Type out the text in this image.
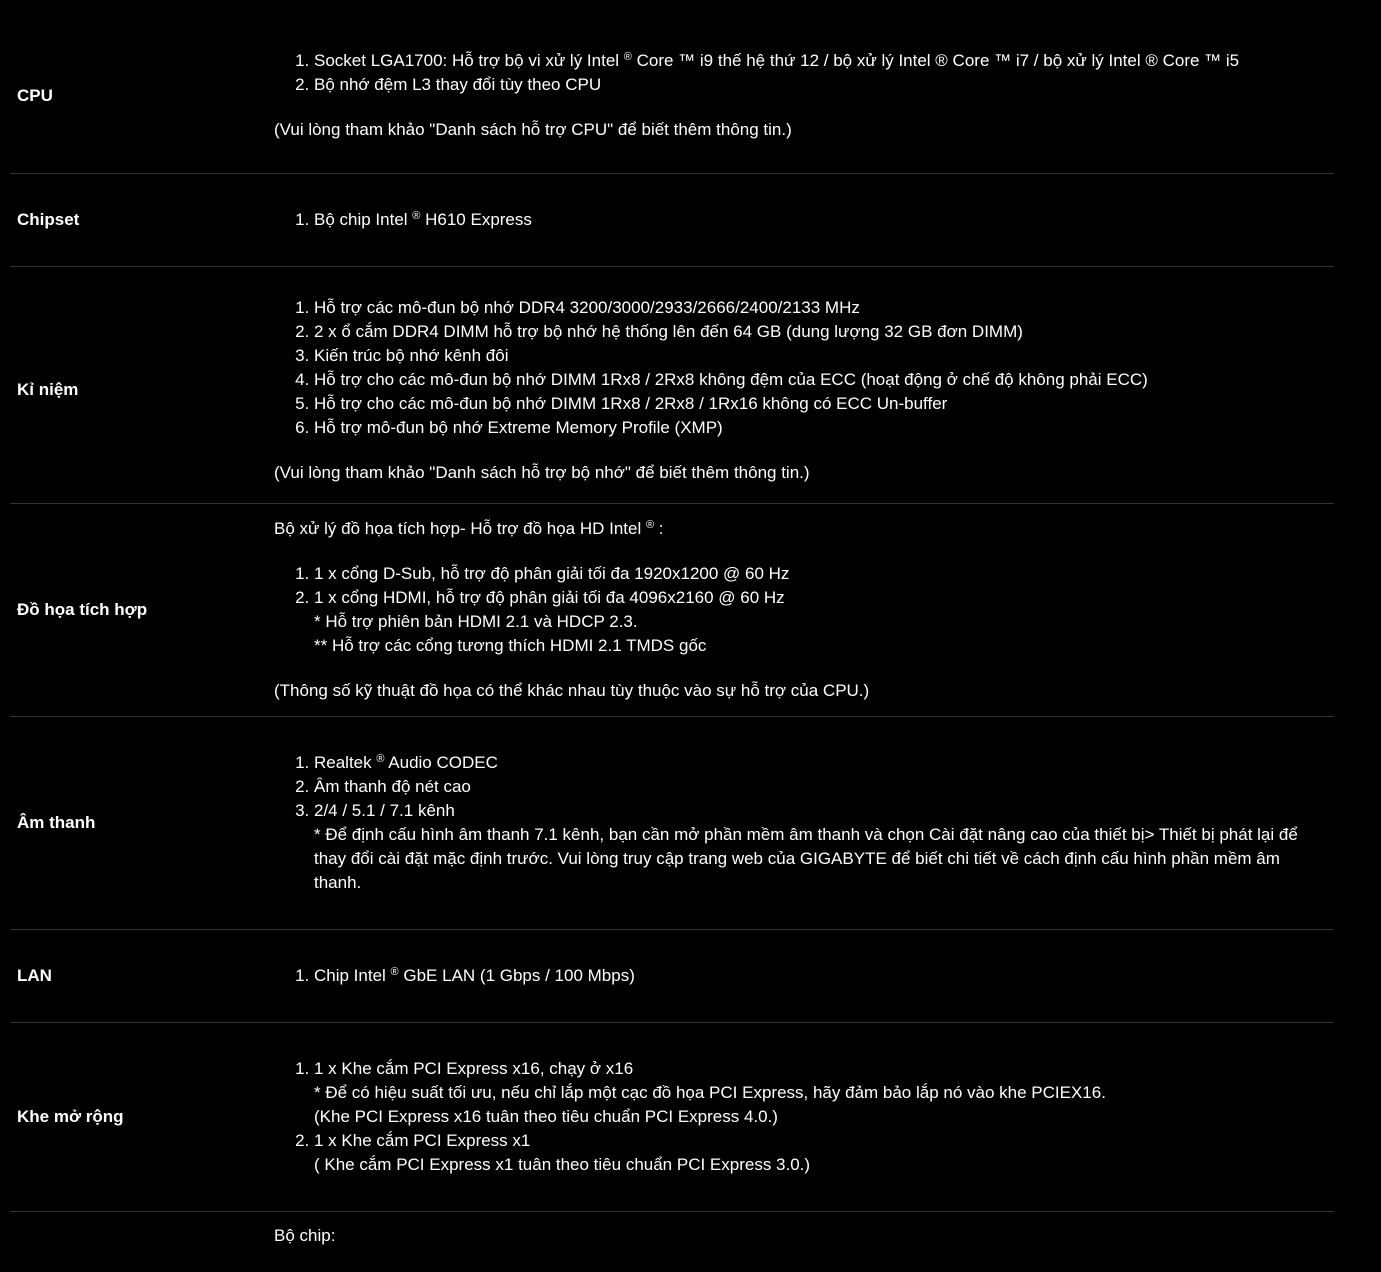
CPU
1. Socket LGA1700: Hỗ trợ bộ vi xử lý Intel ® Core ™ i9 thế hệ thứ 12 / bộ xử lý Intel ® Core ™ i7 / bộ xử lý Intel ® Core ™ i5
2. Bộ nhớ đệm L3 thay đổi tùy theo CPU
(Vui lòng tham khảo "Danh sách hỗ trợ CPU" để biết thêm thông tin.)
Chipset	1. Bộ chip Intel ® H610 Express
Kỉ niệm
1. Hỗ trợ các mô-đun bộ nhớ DDR4 3200/3000/2933/2666/2400/2133 MHz
2. 2 x ổ cắm DDR4 DIMM hỗ trợ bộ nhớ hệ thống lên đến 64 GB (dung lượng 32 GB đơn DIMM)
3. Kiến trúc bộ nhớ kênh đôi
4. Hỗ trợ cho các mô-đun bộ nhớ DIMM 1Rx8 / 2Rx8 không đệm của ECC (hoạt động ở chế độ không phải ECC)
5. Hỗ trợ cho các mô-đun bộ nhớ DIMM 1Rx8 / 2Rx8 / 1Rx16 không có ECC Un-buffer
6. Hỗ trợ mô-đun bộ nhớ Extreme Memory Profile (XMP)
(Vui lòng tham khảo "Danh sách hỗ trợ bộ nhớ" để biết thêm thông tin.)
Đồ họa tích hợp
Bộ xử lý đồ họa tích hợp- Hỗ trợ đồ họa HD Intel ® :
1. 1 x cổng D-Sub, hỗ trợ độ phân giải tối đa 1920x1200 @ 60 Hz
2. 1 x cổng HDMI, hỗ trợ độ phân giải tối đa 4096x2160 @ 60 Hz
* Hỗ trợ phiên bản HDMI 2.1 và HDCP 2.3.
** Hỗ trợ các cổng tương thích HDMI 2.1 TMDS gốc
(Thông số kỹ thuật đồ họa có thể khác nhau tùy thuộc vào sự hỗ trợ của CPU.)
Âm thanh
1. Realtek ® Audio CODEC
2. Âm thanh độ nét cao
3. 2/4 / 5.1 / 7.1 kênh
* Để định cấu hình âm thanh 7.1 kênh, bạn cần mở phần mềm âm thanh và chọn Cài đặt nâng cao của thiết bị> Thiết bị phát lại để thay đổi cài đặt mặc định trước. Vui lòng truy cập trang web của GIGABYTE để biết chi tiết về cách định cấu hình phần mềm âm thanh.
LAN	1. Chip Intel ® GbE LAN (1 Gbps / 100 Mbps)
Khe mở rộng
1. 1 x Khe cắm PCI Express x16, chạy ở x16
* Để có hiệu suất tối ưu, nếu chỉ lắp một cạc đồ họa PCI Express, hãy đảm bảo lắp nó vào khe PCIEX16.
(Khe PCI Express x16 tuân theo tiêu chuẩn PCI Express 4.0.)
2. 1 x Khe cắm PCI Express x1
( Khe cắm PCI Express x1 tuân theo tiêu chuẩn PCI Express 3.0.)
Bộ chip:
